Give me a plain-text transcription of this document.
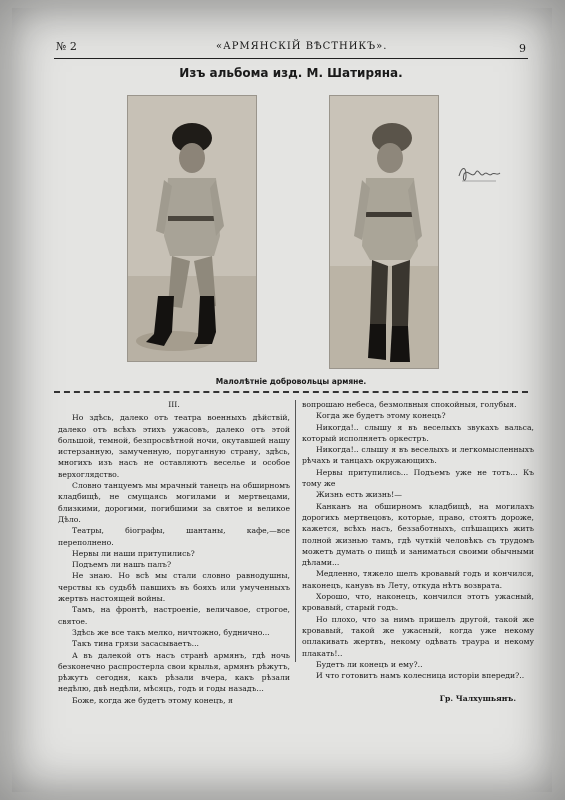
№ 2	«АРМЯНСКІЙ ВѢСТНИКЪ».	9
Изъ альбома изд. М. Шатиряна.
Малолѣтніе добровольцы армяне.

III.

Но здѣсь, далеко отъ театра военныхъ дѣйствій, далеко отъ всѣхъ этихъ ужасовъ, далеко отъ этой большой, темной, безпросвѣтной ночи, окутавшей нашу истерзанную, замученную, поруганную страну, здѣсь, многихъ изъ насъ не оставляютъ веселье и особое верхоглядство.

Словно танцуемъ мы мрачный танецъ на обширномъ кладбищѣ, не смущаясь могилами и мертвецами, близкими, дорогими, погибшими за святое и великое Дѣло.

Театры, біографы, шантаны, кафе,—все переполнено.

Нервы ли наши притупились?

Подъемъ ли нашъ палъ?

Не знаю. Но всѣ мы стали словно равнодушны, черствы къ судьбѣ павшихъ въ бояхъ или умученныхъ жертвъ настоящей войны.

Тамъ, на фронтѣ, настроеніе, величавое, строгое, святое.

Здѣсь же все такъ мелко, ничтожно, будничнo...

Такъ тина грязи засасываетъ...

А въ далекой отъ насъ странѣ армянъ, гдѣ ночь безконечно распростерла свои крылья, армянъ рѣжутъ, рѣжутъ сегодня, какъ рѣзали вчера, какъ рѣзали недѣлю, двѣ недѣли, мѣсяцъ, годъ и годы назадъ...

Боже, когда же будетъ этому конецъ, я

вопрошаю небеса, безмолвныя спокойныя, голубыя.

Когда же будетъ этому конецъ?

Никогда!.. слышу я въ веселыхъ звукахъ вальса, который исполняетъ оркестръ.

Никогда!.. слышу я въ веселыхъ и легкомысленныхъ рѣчахъ и танцахъ окружающихъ.

Нервы притупились... Подъемъ уже не тотъ... Къ тому же

Жизнь есть жизнь!—

Канканъ на обширномъ кладбищѣ, на могилахъ дорогихъ мертвецовъ, которые, право, стоятъ дороже, кажется, всѣхъ насъ, беззаботныхъ, спѣшащихъ жить полной жизнью тамъ, гдѣ чуткій человѣкъ съ трудомъ можетъ думать о пищѣ и заниматься своими обычными дѣлами...

Медленно, тяжело шелъ кровавый годъ и кончился, наконецъ, канувъ въ Лету, откуда нѣтъ возврата.

Хорошо, что, наконецъ, кончился этотъ ужасный, кровавый, старый годъ.

Но плохо, что за нимъ пришелъ другой, такой же кровавый, такой же ужасный, когда уже некому оплакивать жертвъ, некому одѣвать траура и некому плакать!..

Будетъ ли конецъ и ему?..

И что готовитъ намъ колесница исторіи впереди?..

Гр. Чалхушьянъ.
